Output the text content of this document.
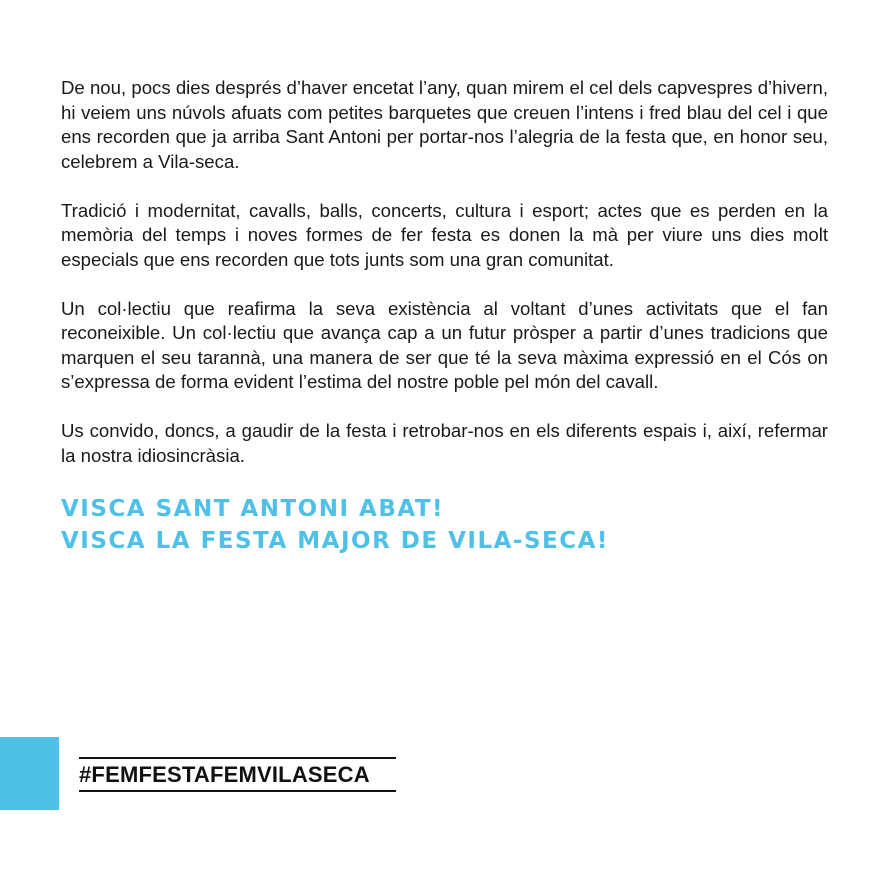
De nou, pocs dies després d’haver encetat l’any, quan mirem el cel dels capvespres d’hivern, hi veiem uns núvols afuats com petites barquetes que creuen l’intens i fred blau del cel i que ens recorden que ja arriba Sant Antoni per portar-nos l’alegria de la festa que, en honor seu, celebrem a Vila-seca.

Tradició i modernitat, cavalls, balls, concerts, cultura i esport; actes que es perden en la memòria del temps i noves formes de fer festa es donen la mà per viure uns dies molt especials que ens recorden que tots junts som una gran comunitat.

Un col·lectiu que reafirma la seva existència al voltant d’unes activitats que el fan reconeixible. Un col·lectiu que avança cap a un futur pròsper a partir d’unes tradicions que marquen el seu tarannà, una manera de ser que té la seva màxima expressió en el Cós on s’expressa de forma evident l’estima del nostre poble pel món del cavall.

Us convido, doncs, a gaudir de la festa i retrobar-nos en els diferents espais i, així, refermar la nostra idiosincràsia.

VISCA SANT ANTONI ABAT!
VISCA LA FESTA MAJOR DE VILA-SECA!
#FEMFESTAFEMVILASECA
